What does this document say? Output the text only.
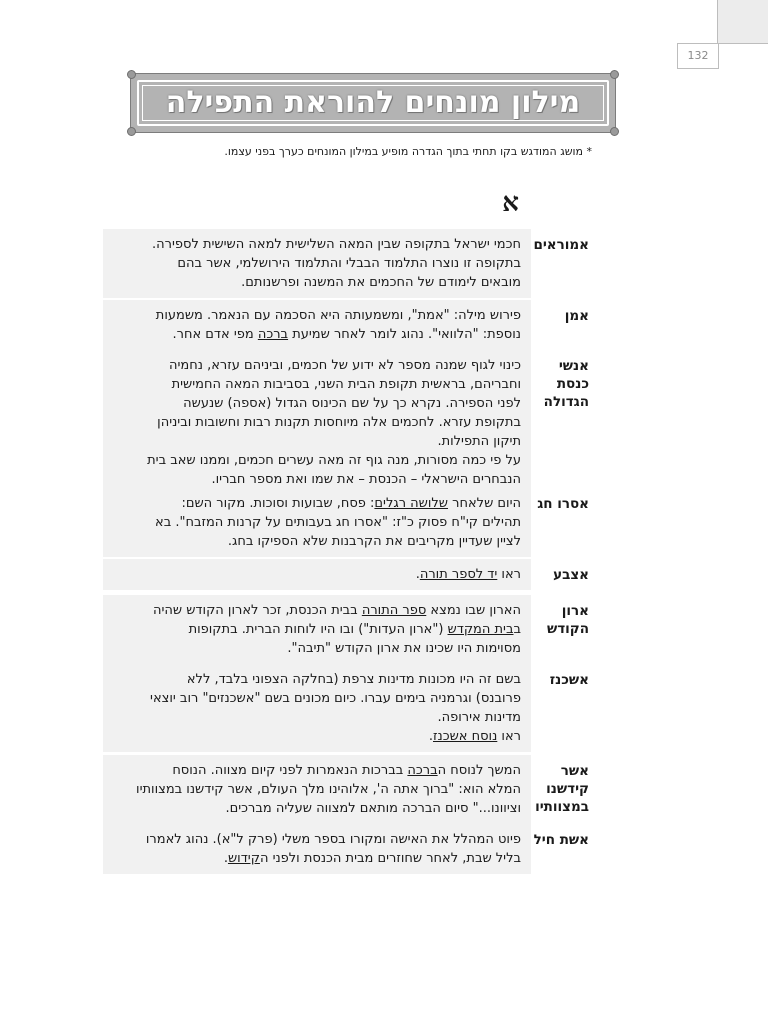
132
מילון מונחים להוראת התפילה
* מושג המודגש בקו תחתי בתוך הגדרה מופיע במילון המונחים כערך בפני עצמו.
א
אמוראים

חכמי ישראל בתקופה שבין המאה השלישית למאה השישית לספירה.

בתקופה זו נוצרו התלמוד הבבלי והתלמוד הירושלמי, אשר בהם

מובאים לימודם של החכמים את המשנה ופרשנותם.

אמן

פירוש מילה: "אמת", ומשמעותה היא הסכמה עם הנאמר. משמעות

נוספת: "הלוואי". נהוג לומר לאחר שמיעת ברכה מפי אדם אחר.

אנשי כנסת
הגדולה

כינוי לגוף שמנה מספר לא ידוע של חכמים, וביניהם עזרא, נחמיה

וחבריהם, בראשית תקופת הבית השני, בסביבות המאה החמישית

לפני הספירה. נקרא כך על שם הכינוס הגדול (אספה) שנעשה

בתקופת עזרא. לחכמים אלה מיוחסות תקנות רבות וחשובות וביניהן

תיקון התפילות.

על פי כמה מסורות, מנה גוף זה מאה עשרים חכמים, וממנו שאב בית

הנבחרים הישראלי – הכנסת – את שמו ואת מספר חבריו.

אסרו חג

היום שלאחר שלושה רגלים: פסח, שבועות וסוכות. מקור השם:

תהילים קי"ח פסוק כ"ז: "אסרו חג בעבותים על קרנות המזבח". בא

לציין שעדיין מקריבים את הקרבנות שלא הספיקו בחג.

אצבע

ראו יד לספר תורה.

ארון הקודש

הארון שבו נמצא ספר התורה בבית הכנסת, זכר לארון הקודש שהיה

בבית המקדש ("ארון העדות") ובו היו לוחות הברית. בתקופות

מסוימות היו שכינו את ארון הקודש "תיבה".

אשכנז

בשם זה היו מכונות מדינות צרפת (בחלקה הצפוני בלבד, ללא

פרובנס) וגרמניה בימים עברו. כיום מכונים בשם "אשכנזים" רוב יוצאי

מדינות אירופה.

ראו נוסח אשכנז.

אשר קידשנו
במצוותיו

המשך לנוסח הברכה בברכות הנאמרות לפני קיום מצווה. הנוסח

המלא הוא: "ברוך אתה ה', אלוהינו מלך העולם, אשר קידשנו במצוותיו

וציוונו..." סיום הברכה מותאם למצווה שעליה מברכים.

אשת חיל

פיוט המהלל את האישה ומקורו בספר משלי (פרק ל"א). נהוג לאמרו

בליל שבת, לאחר שחוזרים מבית הכנסת ולפני הקידוש.
